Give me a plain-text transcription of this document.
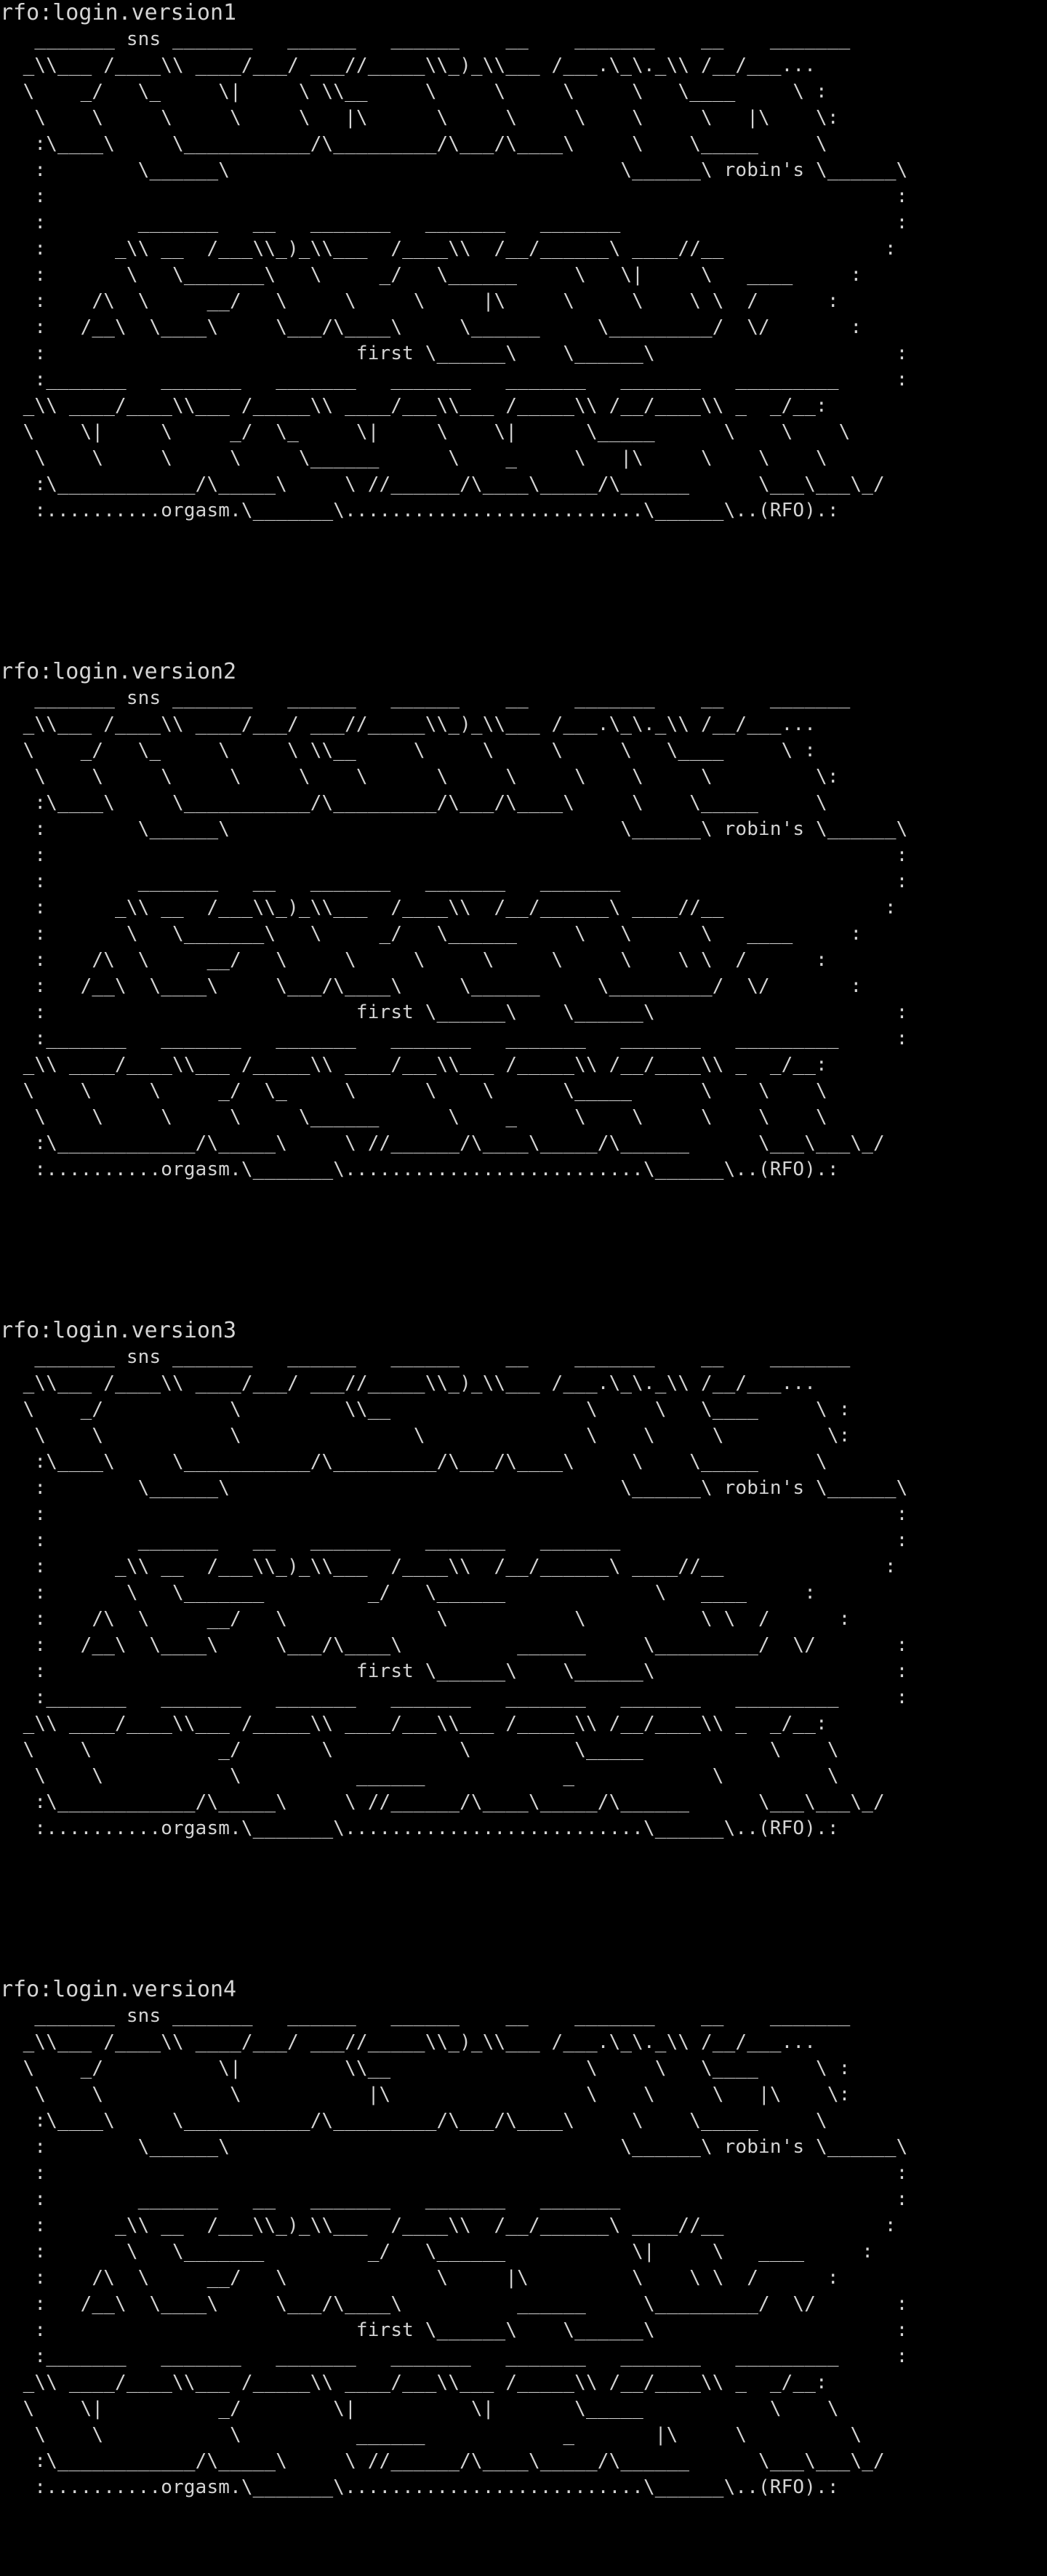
rfo:login.version1
_______ sns _______   ______   ______    __    _______    __    _______
_\\___ /____\\ ____/___/ ___//_____\\_)_\\___ /___.\_\._\\ /__/___...
\    _/   \_     \|     \ \\__     \     \     \     \   \____     \ :
\    \     \     \     \   |\      \     \     \    \     \   |\    \:
:\____\     \___________/\_________/\___/\____\     \    \_____     \
:        \______\                                  \______\ robin's \______\
:                                                                          :
:        _______   __   _______   _______   _______                        :
:      _\\ __  /___\\_)_\\___  /____\\  /__/______\ ____//__              :
:       \   \_______\   \     _/   \______     \   \|     \   ____     :
:    /\  \     __/   \     \     \     |\     \     \    \ \  /      :
:   /__\  \____\     \___/\____\     \______     \_________/  \/       :
:                           first \______\    \______\                     :
:_______   _______   _______   _______   _______   _______   _________     :
_\\ ____/____\\___ /_____\\ ____/___\\___ /_____\\ /__/____\\ _  _/__:
\    \|     \     _/  \_     \|     \    \|      \_____      \    \    \
\    \     \     \     \______      \    _     \   |\     \    \    \
:\____________/\_____\     \ //______/\____\_____/\______      \___\___\_/
:..........orgasm.\_______\..........................\______\..(RFO).:
rfo:login.version2
_______ sns _______   ______   ______    __    _______    __    _______
_\\___ /____\\ ____/___/ ___//_____\\_)_\\___ /___.\_\._\\ /__/___...
\    _/   \_     \     \ \\__     \     \     \     \   \____     \ :
\    \     \     \     \    \      \     \     \    \     \         \:
:\____\     \___________/\_________/\___/\____\     \    \_____     \
:        \______\                                  \______\ robin's \______\
:                                                                          :
:        _______   __   _______   _______   _______                        :
:      _\\ __  /___\\_)_\\___  /____\\  /__/______\ ____//__              :
:       \   \_______\   \     _/   \______     \   \      \   ____     :
:    /\  \     __/   \     \     \     \     \     \    \ \  /      :
:   /__\  \____\     \___/\____\     \______     \_________/  \/       :
:                           first \______\    \______\                     :
:_______   _______   _______   _______   _______   _______   _________     :
_\\ ____/____\\___ /_____\\ ____/___\\___ /_____\\ /__/____\\ _  _/__:
\    \     \     _/  \_     \      \    \      \_____      \    \    \
\    \     \     \     \______      \    _     \    \     \    \    \
:\____________/\_____\     \ //______/\____\_____/\______      \___\___\_/
:..........orgasm.\_______\..........................\______\..(RFO).:
rfo:login.version3
_______ sns _______   ______   ______    __    _______    __    _______
_\\___ /____\\ ____/___/ ___//_____\\_)_\\___ /___.\_\._\\ /__/___...
\    _/           \         \\__                 \     \   \____     \ :
\    \           \               \              \    \     \         \:
:\____\     \___________/\_________/\___/\____\     \    \_____     \
:        \______\                                  \______\ robin's \______\
:                                                                          :
:        _______   __   _______   _______   _______                        :
:      _\\ __  /___\\_)_\\___  /____\\  /__/______\ ____//__              :
:       \   \_______         _/   \______             \   ____     :
:    /\  \     __/   \             \           \          \ \  /      :
:   /__\  \____\     \___/\____\          ______     \_________/  \/       :
:                           first \______\    \______\                     :
:_______   _______   _______   _______   _______   _______   _________     :
_\\ ____/____\\___ /_____\\ ____/___\\___ /_____\\ /__/____\\ _  _/__:
\    \           _/       \           \         \_____           \    \
\    \           \          ______            _            \         \
:\____________/\_____\     \ //______/\____\_____/\______      \___\___\_/
:..........orgasm.\_______\..........................\______\..(RFO).:
rfo:login.version4
_______ sns _______   ______   ______    __    _______    __    _______
_\\___ /____\\ ____/___/ ___//_____\\_)_\\___ /___.\_\._\\ /__/___...
\    _/          \|         \\__                 \     \   \____     \ :
\    \           \           |\                 \    \     \   |\    \:
:\____\     \___________/\_________/\___/\____\     \    \_____     \
:        \______\                                  \______\ robin's \______\
:                                                                          :
:        _______   __   _______   _______   _______                        :
:      _\\ __  /___\\_)_\\___  /____\\  /__/______\ ____//__              :
:       \   \_______         _/   \______           \|     \   ____     :
:    /\  \     __/   \             \     |\         \    \ \  /      :
:   /__\  \____\     \___/\____\          ______     \_________/  \/       :
:                           first \______\    \______\                     :
:_______   _______   _______   _______   _______   _______   _________     :
_\\ ____/____\\___ /_____\\ ____/___\\___ /_____\\ /__/____\\ _  _/__:
\    \|          _/        \|          \|       \_____           \    \
\    \           \          ______            _       |\     \         \
:\____________/\_____\     \ //______/\____\_____/\______      \___\___\_/
:..........orgasm.\_______\..........................\______\..(RFO).:
